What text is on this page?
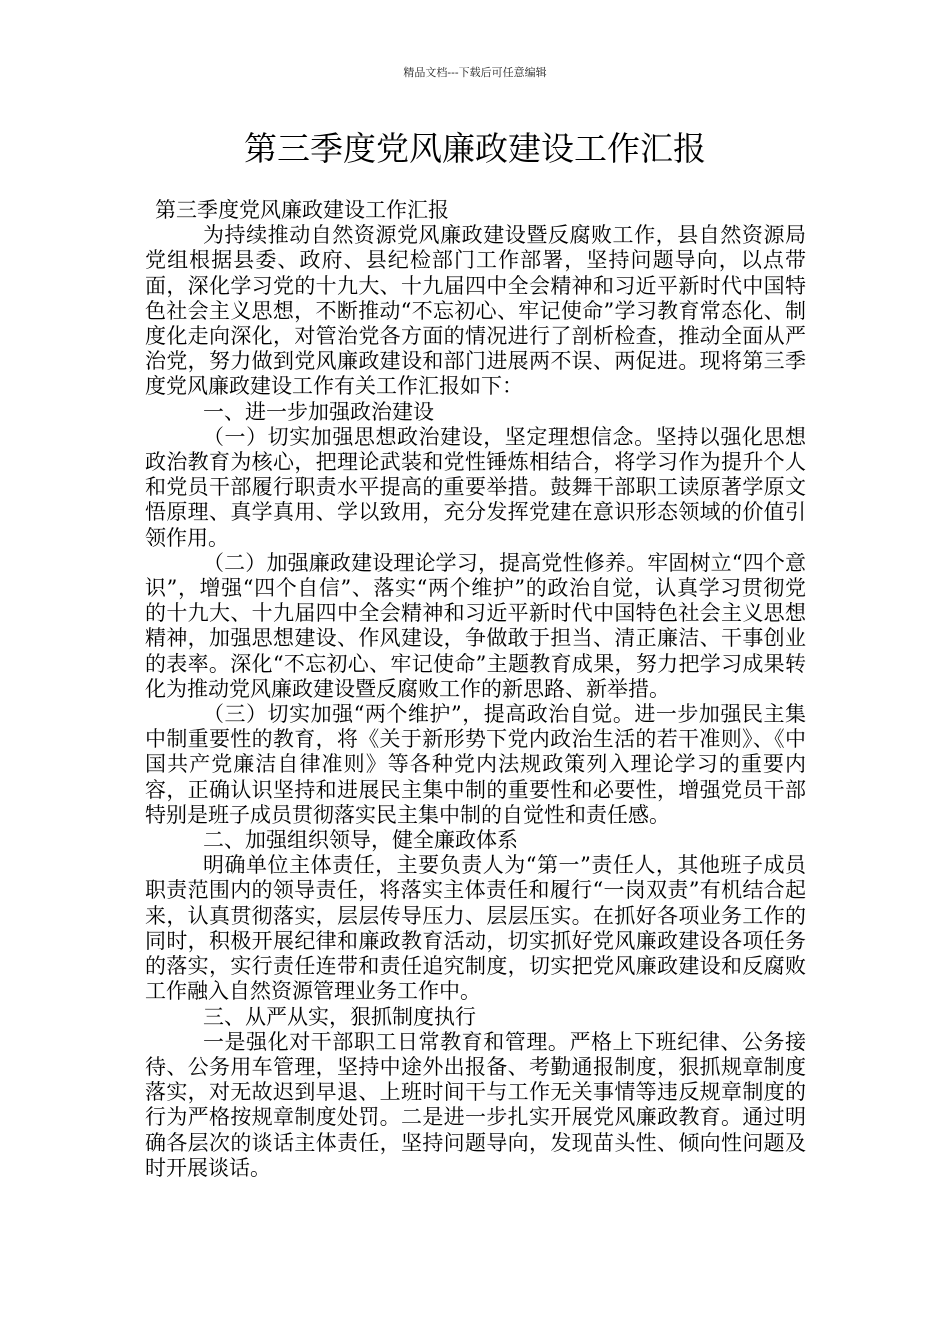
精品文档---下载后可任意编辑
第三季度党风廉政建设工作汇报

第三季度党风廉政建设工作汇报

为持续推动自然资源党风廉政建设暨反腐败工作，县自然资源局党组根据县委、政府、县纪检部门工作部署，坚持问题导向，以点带面，深化学习党的十九大、十九届四中全会精神和习近平新时代中国特色社会主义思想，不断推动“不忘初心、牢记使命”学习教育常态化、制度化走向深化，对管治党各方面的情况进行了剖析检查，推动全面从严治党，努力做到党风廉政建设和部门进展两不误、两促进。现将第三季度党风廉政建设工作有关工作汇报如下：

一、进一步加强政治建设

（一）切实加强思想政治建设，坚定理想信念。坚持以强化思想政治教育为核心，把理论武装和党性锤炼相结合，将学习作为提升个人和党员干部履行职责水平提高的重要举措。鼓舞干部职工读原著学原文悟原理、真学真用、学以致用，充分发挥党建在意识形态领域的价值引领作用。

（二）加强廉政建设理论学习，提高党性修养。牢固树立“四个意识”，增强“四个自信”、落实“两个维护”的政治自觉，认真学习贯彻党的十九大、十九届四中全会精神和习近平新时代中国特色社会主义思想精神，加强思想建设、作风建设，争做敢于担当、清正廉洁、干事创业的表率。深化“不忘初心、牢记使命”主题教育成果，努力把学习成果转化为推动党风廉政建设暨反腐败工作的新思路、新举措。

（三）切实加强“两个维护”，提高政治自觉。进一步加强民主集中制重要性的教育，将《关于新形势下党内政治生活的若干准则》、《中国共产党廉洁自律准则》等各种党内法规政策列入理论学习的重要内容，正确认识坚持和进展民主集中制的重要性和必要性，增强党员干部特别是班子成员贯彻落实民主集中制的自觉性和责任感。

二、加强组织领导，健全廉政体系

明确单位主体责任，主要负责人为“第一”责任人，其他班子成员职责范围内的领导责任，将落实主体责任和履行“一岗双责”有机结合起来，认真贯彻落实，层层传导压力、层层压实。在抓好各项业务工作的同时，积极开展纪律和廉政教育活动，切实抓好党风廉政建设各项任务的落实，实行责任连带和责任追究制度，切实把党风廉政建设和反腐败工作融入自然资源管理业务工作中。

三、从严从实，狠抓制度执行

一是强化对干部职工日常教育和管理。严格上下班纪律、公务接待、公务用车管理，坚持中途外出报备、考勤通报制度，狠抓规章制度落实，对无故迟到早退、上班时间干与工作无关事情等违反规章制度的行为严格按规章制度处罚。二是进一步扎实开展党风廉政教育。通过明确各层次的谈话主体责任，坚持问题导向，发现苗头性、倾向性问题及时开展谈话。
